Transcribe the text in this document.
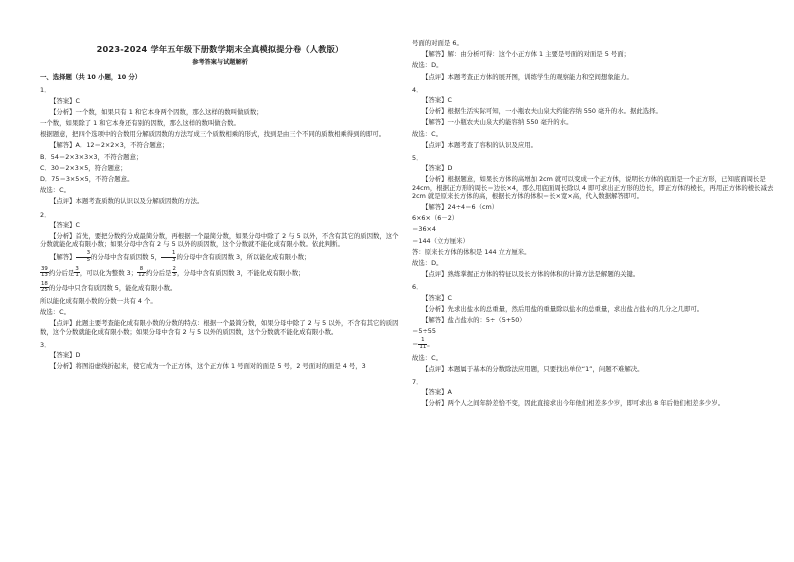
2023-2024 学年五年级下册数学期末全真模拟提分卷（人教版）
参考答案与试题解析
一、选择题（共 10 小题，10 分）
1．
【答案】C
【分析】一个数，如果只有 1 和它本身两个因数，那么这样的数叫做质数；
一个数，如果除了 1 和它本身还有别的因数，那么这样的数叫做合数。
根据题意，把四个选项中的合数用分解质因数的方法写成三个质数相乘的形式，找到是由三个不同的质数相乘得到的即可。
【解答】A．12＝2×2×3，不符合题意；
B．54＝2×3×3×3，不符合题意；
C．30＝2×3×5，符合题意；
D．75＝3×5×5，不符合题意。
故选：C。
【点评】本题考查质数的认识以及分解质因数的方法。
2．
【答案】C
【分析】首先，要把分数约分成最简分数，再根据一个最简分数，如果分母中除了 2 与 5 以外，不含有其它的质因数，这个分数就能化成有限小数；如果分母中含有 2 与 5 以外的质因数，这个分数就不能化成有限小数。依此判断。
【解答】 $\frac{3}{5}$ 的分母中含有质因数 5， $\frac{1}{3}$ 的分母中含有质因数 3，所以能化成有限小数；
$\frac{39}{13}$ 约分后是 $\frac{3}{1}$ ，可以化为整数 3； $\frac{8}{12}$ 约分后是 $\frac{2}{3}$ ，分母中含有质因数 3，不能化成有限小数；
$\frac{18}{25}$ 的分母中只含有质因数 5，能化成有限小数。
所以能化成有限小数的分数一共有 4 个。
故选：C。
【点评】此题主要考查能化成有限小数的分数的特点：根据一个最简分数，如果分母中除了 2 与 5 以外，不含有其它的质因数，这个分数就能化成有限小数；如果分母中含有 2 与 5 以外的质因数，这个分数就不能化成有限小数。
3．
【答案】D
【分析】将图沿虚线折起来，使它成为一个正方体，这个正方体 1 号面对的面是 5 号，2 号面对的面是 4 号，3
号面的对面是 6。
【解答】解：由分析可得：这个小正方体 1 主要是号面的对面是 5 号面；
故选：D。
【点评】本题考查正方体的展开图，训练学生的观察能力和空间想象能力。
4．
【答案】C
【分析】根据生活实际可知，一小瓶农夫山泉大约能容纳 550 毫升的水。据此选择。
【解答】一小瓶农夫山泉大约能容纳 550 毫升的水。
故选：C。
【点评】本题考查了容积的认识及应用。
5．
【答案】D
【分析】根据题意，如果长方体的高增加 2cm 就可以变成一个正方体，说明长方体的底面是一个正方形，已知底面周长是 24cm，根据正方形的周长＝边长×4，那么用底面周长除以 4 即可求出正方形的边长，即正方体的棱长，再用正方体的棱长减去 2cm 就是原来长方体的高，根据长方体的体积＝长×宽×高，代入数据解答即可。
【解答】24÷4＝6（cm）
6×6×（6－2）
＝36×4
＝144（立方厘米）
答：原来长方体的体积是 144 立方厘米。
故选：D。
【点评】熟练掌握正方体的特征以及长方体的体积的计算方法是解题的关键。
6．
【答案】C
【分析】先求出盐水的总重量，然后用盐的重量除以盐水的总重量，求出盐占盐水的几分之几即可。
【解答】盐占盐水的：5÷（5+50）
＝5÷55
＝ $\frac{1}{11}$ 。
故选：C。
【点评】本题属于基本的分数除法应用题，只要找出单位“1”，问题不难解决。
7．
【答案】A
【分析】两个人之间年龄差恰不变，因此直接求出今年他们相差多少岁，即可求出 8 年后他们相差多少岁。
